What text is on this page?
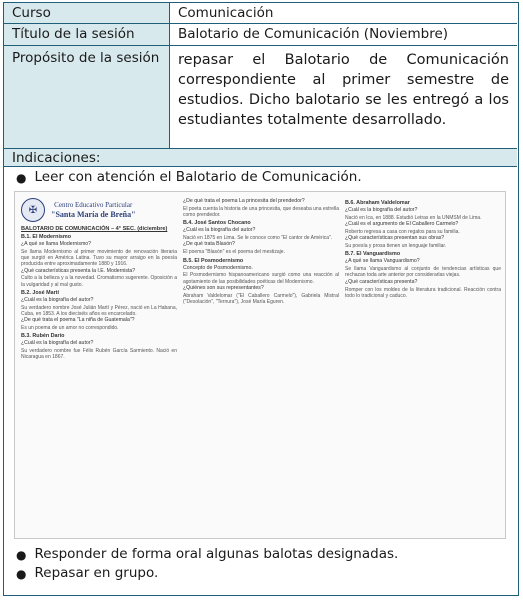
Curso	Comunicación
Título de la sesión	Balotario de Comunicación (Noviembre)
Propósito de la sesión	repasar el Balotario de Comunicación correspondiente al primer semestre de estudios. Dicho balotario se les entregó a los estudiantes totalmente desarrollado.
Indicaciones:
● Leer con atención el Balotario de Comunicación.
✠	Centro Educativo Particular
"Santa María de Breña"
BALOTARIO DE COMUNICACIÓN – 4° SEC. (diciembre)
B.1. El Modernismo
¿A qué se llama Modernismo?
Se llama Modernismo al primer movimiento de renovación literaria que surgió en América Latina. Tuvo su mayor arraigo en la poesía producida entre aproximadamente 1880 y 1916.
¿Qué características presenta la I.E. Modernista?
Culto a la belleza y a la novedad. Cromatismo sugerente. Oposición a la vulgaridad y al mal gusto.
B.2. José Martí
¿Cuál es la biografía del autor?
Su verdadero nombre José Julián Martí y Pérez, nació en La Habana, Cuba, en 1853. A los dieciséis años es encarcelado.
¿De qué trata el poema "La niña de Guatemala"?
Es un poema de un amor no correspondido.
B.3. Rubén Darío
¿Cuál es la biografía del autor?
Su verdadero nombre fue Félix Rubén García Sarmiento. Nació en Nicaragua en 1867.
¿De qué trata el poema La princesita del prendedor?
El poeta cuenta la historia de una princesita, que deseaba una estrella como prendedor.
B.4. José Santos Chocano
¿Cuál es la biografía del autor?
Nació en 1875 en Lima. Se le conoce como "El cantor de América".
¿De qué trata Blasón?
El poema "Blasón" es el poema del mestizaje.
B.5. El Posmodernismo
Concepto de Posmodernismo.
El Posmodernismo hispanoamericano surgió como una reacción al agotamiento de las posibilidades poéticas del Modernismo.
¿Quiénes son sus representantes?
Abraham Valdelomar ("El Caballero Carmelo"), Gabriela Mistral ("Desolación", "Ternura"), José María Eguren.
B.6. Abraham Valdelomar
¿Cuál es la biografía del autor?
Nació en Ica, en 1888. Estudió Letras en la UNMSM de Lima.
¿Cuál es el argumento de El Caballero Carmelo?
Roberto regresa a casa con regalos para su familia.
¿Qué características presentan sus obras?
Su poesía y prosa tienen un lenguaje familiar.
B.7. El Vanguardismo
¿A qué se llama Vanguardismo?
Se llama Vanguardismo al conjunto de tendencias artísticas que rechazan toda arte anterior por considerarlas viejas.
¿Qué características presenta?
Romper con los moldes de la literatura tradicional. Reacción contra todo lo tradicional y caduco.
● Responder de forma oral algunas balotas designadas.
● Repasar en grupo.
